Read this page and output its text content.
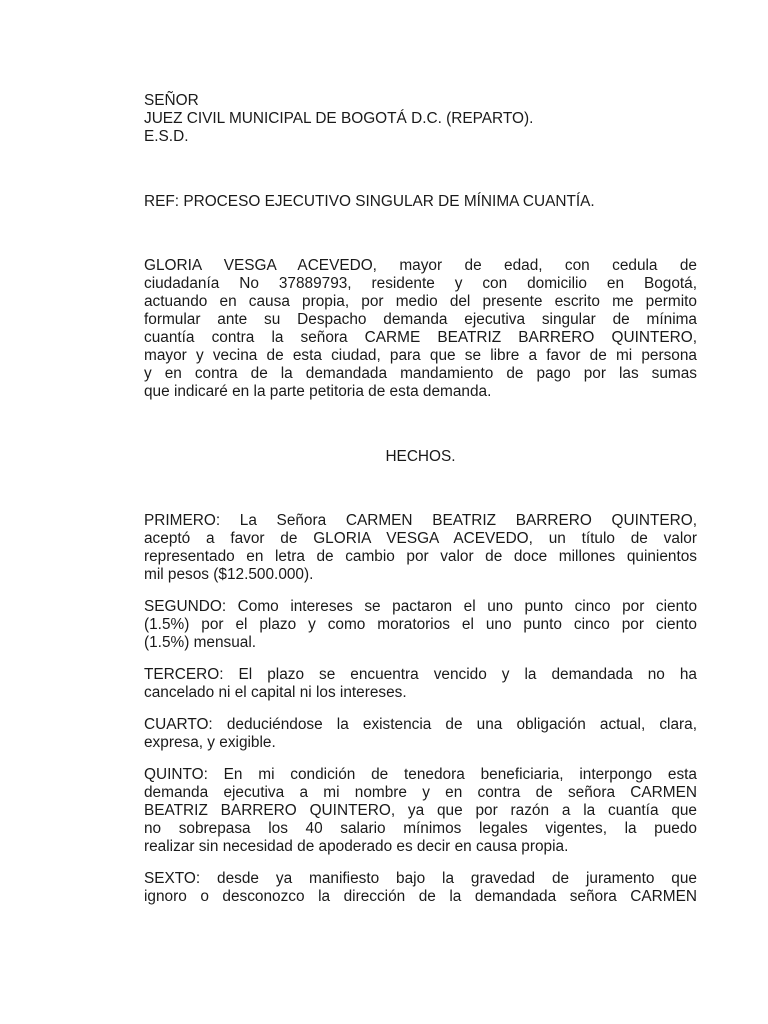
SEÑOR
JUEZ CIVIL MUNICIPAL DE BOGOTÁ D.C. (REPARTO).
E.S.D.
REF: PROCESO EJECUTIVO SINGULAR DE MÍNIMA CUANTÍA.
GLORIA VESGA ACEVEDO, mayor de edad, con cedula de
ciudadanía No 37889793, residente y con domicilio en Bogotá,
actuando en causa propia, por medio del presente escrito me permito
formular ante su Despacho demanda ejecutiva singular de mínima
cuantía contra la señora CARME BEATRIZ BARRERO QUINTERO,
mayor y vecina de esta ciudad, para que se libre a favor de mi persona
y en contra de la demandada mandamiento de pago por las sumas
que indicaré en la parte petitoria de esta demanda.
HECHOS.
PRIMERO: La Señora CARMEN BEATRIZ BARRERO QUINTERO,
aceptó a favor de GLORIA VESGA ACEVEDO, un título de valor
representado en letra de cambio por valor de doce millones quinientos
mil pesos ($12.500.000).
SEGUNDO: Como intereses se pactaron el uno punto cinco por ciento
(1.5%) por el plazo y como moratorios el uno punto cinco por ciento
(1.5%) mensual.
TERCERO: El plazo se encuentra vencido y la demandada no ha
cancelado ni el capital ni los intereses.
CUARTO: deduciéndose la existencia de una obligación actual, clara,
expresa, y exigible.
QUINTO: En mi condición de tenedora beneficiaria, interpongo esta
demanda ejecutiva a mi nombre y en contra de señora CARMEN
BEATRIZ BARRERO QUINTERO, ya que por razón a la cuantía que
no sobrepasa los 40 salario mínimos legales vigentes, la puedo
realizar sin necesidad de apoderado es decir en causa propia.
SEXTO: desde ya manifiesto bajo la gravedad de juramento que
ignoro o desconozco la dirección de la demandada señora CARMEN
